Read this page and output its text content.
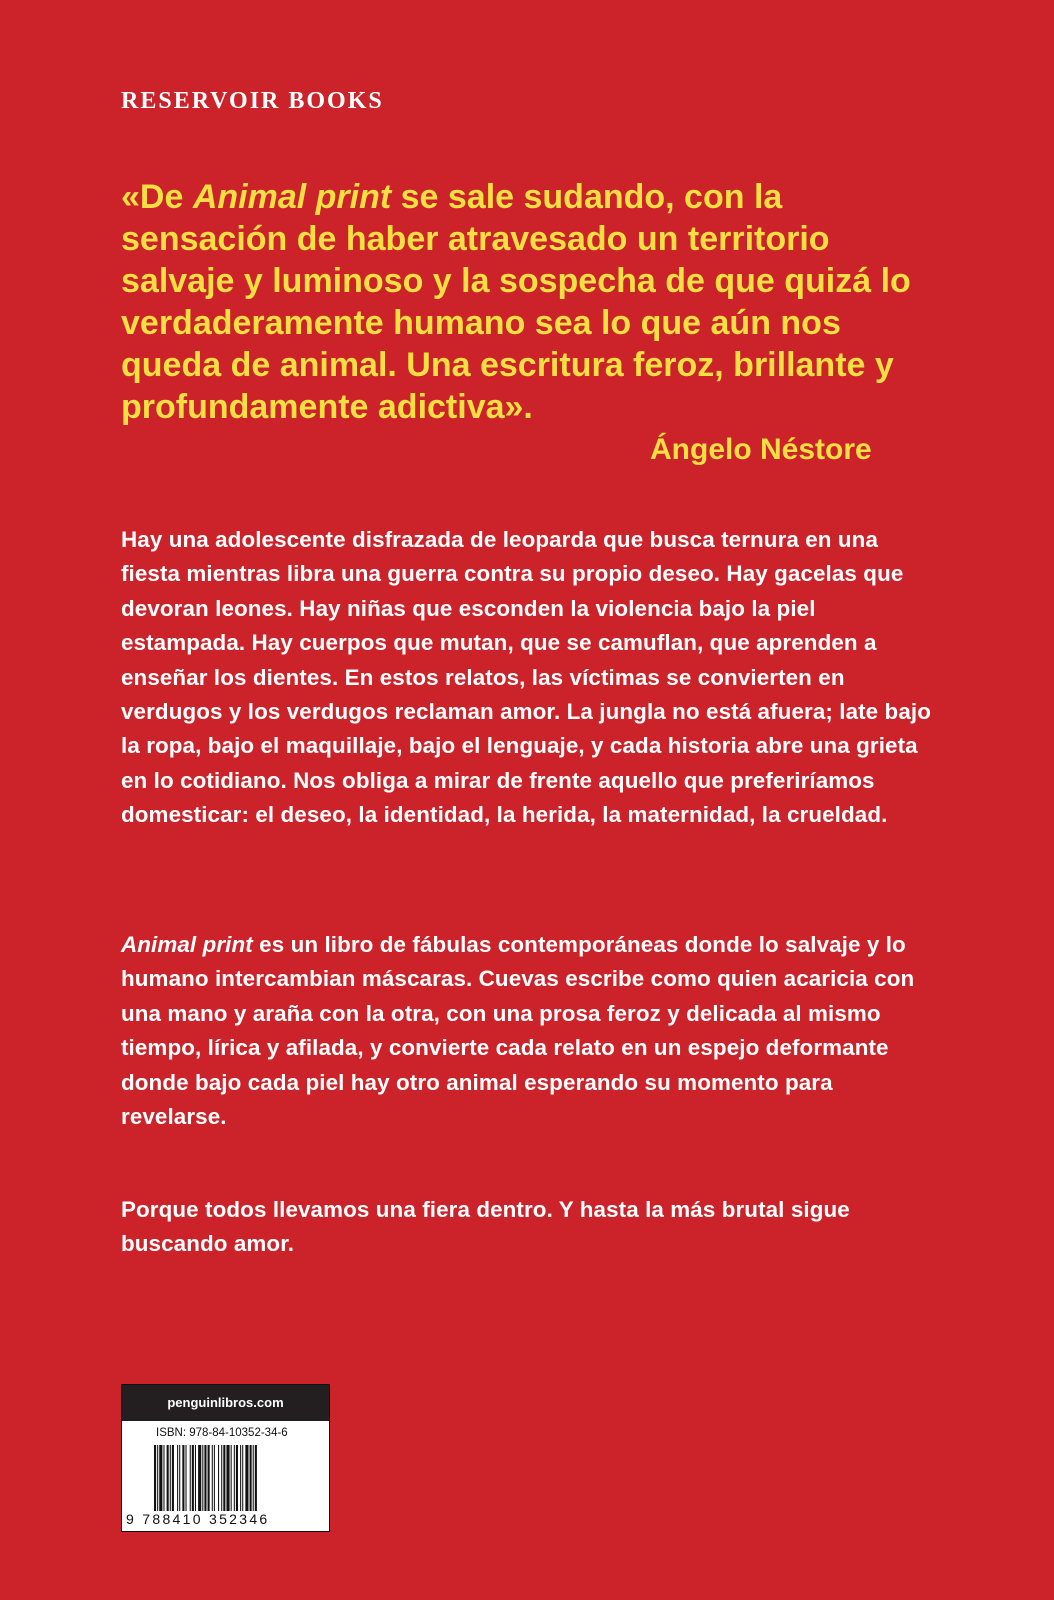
RESERVOIR BOOKS

«De Animal print se sale sudando, con la sensación de haber atravesado un territorio salvaje y luminoso y la sospecha de que quizá lo verdaderamente humano sea lo que aún nos queda de animal. Una escritura feroz, brillante y profundamente adictiva».

Ángelo Néstore

Hay una adolescente disfrazada de leoparda que busca ternura en una fiesta mientras libra una guerra contra su propio deseo. Hay gacelas que devoran leones. Hay niñas que esconden la violencia bajo la piel estampada. Hay cuerpos que mutan, que se camuflan, que aprenden a enseñar los dientes. En estos relatos, las víctimas se convierten en verdugos y los verdugos reclaman amor. La jungla no está afuera; late bajo la ropa, bajo el maquillaje, bajo el lenguaje, y cada historia abre una grieta en lo cotidiano. Nos obliga a mirar de frente aquello que preferiríamos domesticar: el deseo, la identidad, la herida, la maternidad, la crueldad.

Animal print es un libro de fábulas contemporáneas donde lo salvaje y lo humano intercambian máscaras. Cuevas escribe como quien acaricia con una mano y araña con la otra, con una prosa feroz y delicada al mismo tiempo, lírica y afilada, y convierte cada relato en un espejo deformante donde bajo cada piel hay otro animal esperando su momento para revelarse.

Porque todos llevamos una fiera dentro. Y hasta la más brutal sigue buscando amor.

penguinlibros.com
ISBN: 978-84-10352-34-6
9 788410 352346
